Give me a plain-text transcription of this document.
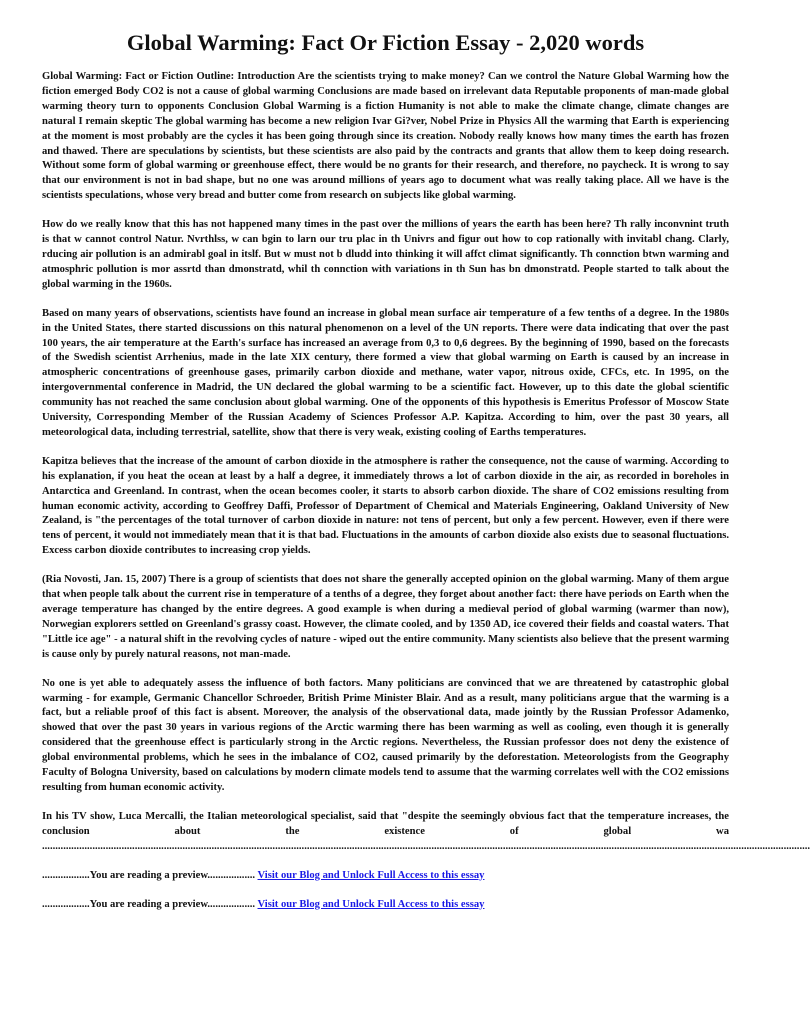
Global Warming: Fact Or Fiction Essay - 2,020 words

Global Warming: Fact or Fiction Outline: Introduction Are the scientists trying to make money? Can we control the Nature Global Warming how the fiction emerged Body CO2 is not a cause of global warming Conclusions are made based on irrelevant data Reputable proponents of man-made global warming theory turn to opponents Conclusion Global Warming is a fiction Humanity is not able to make the climate change, climate changes are natural I remain skeptic The global warming has become a new religion Ivar Gi?ver, Nobel Prize in Physics All the warming that Earth is experiencing at the moment is most probably are the cycles it has been going through since its creation. Nobody really knows how many times the earth has frozen and thawed. There are speculations by scientists, but these scientists are also paid by the contracts and grants that allow them to keep doing research. Without some form of global warming or greenhouse effect, there would be no grants for their research, and therefore, no paycheck. It is wrong to say that our environment is not in bad shape, but no one was around millions of years ago to document what was really taking place. All we have is the scientists speculations, whose very bread and butter come from research on subjects like global warming.

How do we really know that this has not happened many times in the past over the millions of years the earth has been here? Th rally inconvnint truth is that w cannot control Natur. Nvrthlss, w can bgin to larn our tru plac in th Univrs and figur out how to cop rationally with invitabl chang. Clarly, rducing air pollution is an admirabl goal in itslf. But w must not b dludd into thinking it will affct climat significantly. Th connction btwn warming and atmosphric pollution is mor assrtd than dmonstratd, whil th connction with variations in th Sun has bn dmonstratd. People started to talk about the global warming in the 1960s.

Based on many years of observations, scientists have found an increase in global mean surface air temperature of a few tenths of a degree. In the 1980s in the United States, there started discussions on this natural phenomenon on a level of the UN reports. There were data indicating that over the past 100 years, the air temperature at the Earth's surface has increased an average from 0,3 to 0,6 degrees. By the beginning of 1990, based on the forecasts of the Swedish scientist Arrhenius, made in the late XIX century, there formed a view that global warming on Earth is caused by an increase in atmospheric concentrations of greenhouse gases, primarily carbon dioxide and methane, water vapor, nitrous oxide, CFCs, etc. In 1995, on the intergovernmental conference in Madrid, the UN declared the global warming to be a scientific fact. However, up to this date the global scientific community has not reached the same conclusion about global warming. One of the opponents of this hypothesis is Emeritus Professor of Moscow State University, Corresponding Member of the Russian Academy of Sciences Professor A.P. Kapitza. According to him, over the past 30 years, all meteorological data, including terrestrial, satellite, show that there is very weak, existing cooling of Earths temperatures.

Kapitza believes that the increase of the amount of carbon dioxide in the atmosphere is rather the consequence, not the cause of warming. According to his explanation, if you heat the ocean at least by a half a degree, it immediately throws a lot of carbon dioxide in the air, as recorded in boreholes in Antarctica and Greenland. In contrast, when the ocean becomes cooler, it starts to absorb carbon dioxide. The share of CO2 emissions resulting from human economic activity, according to Geoffrey Daffi, Professor of Department of Chemical and Materials Engineering, Oakland University of New Zealand, is "the percentages of the total turnover of carbon dioxide in nature: not tens of percent, but only a few percent. However, even if there were tens of percent, it would not immediately mean that it is that bad. Fluctuations in the amounts of carbon dioxide also exists due to seasonal fluctuations. Excess carbon dioxide contributes to increasing crop yields.

(Ria Novosti, Jan. 15, 2007) There is a group of scientists that does not share the generally accepted opinion on the global warming. Many of them argue that when people talk about the current rise in temperature of a tenths of a degree, they forget about another fact: there have periods on Earth when the average temperature has changed by the entire degrees. A good example is when during a medieval period of global warming (warmer than now), Norwegian explorers settled on Greenland's grassy coast. However, the climate cooled, and by 1350 AD, ice covered their fields and coastal waters. That "Little ice age" - a natural shift in the revolving cycles of nature - wiped out the entire community. Many scientists also believe that the present warming is cause only by purely natural reasons, not man-made.

No one is yet able to adequately assess the influence of both factors. Many politicians are convinced that we are threatened by catastrophic global warming - for example, Germanic Chancellor Schroeder, British Prime Minister Blair. And as a result, many politicians argue that the warming is a fact, but a reliable proof of this fact is absent. Moreover, the analysis of the observational data, made jointly by the Russian Professor Adamenko, showed that over the past 30 years in various regions of the Arctic warming there has been warming as well as cooling, even though it is generally considered that the greenhouse effect is particularly strong in the Arctic regions. Nevertheless, the Russian professor does not deny the existence of global environmental problems, which he sees in the imbalance of CO2, caused primarily by the deforestation. Meteorologists from the Geography Faculty of Bologna University, based on calculations by modern climate models tend to assume that the warming correlates well with the CO2 emissions resulting from human economic activity.

In his TV show, Luca Mercalli, the Italian meteorological specialist, said that "despite the seemingly obvious fact that the temperature increases, the conclusion about the existence of global wa

..................................................................................................................................................................................................................................................................................................
..................You are reading a preview.................. Visit our Blog and Unlock Full Access to this essay
..................You are reading a preview.................. Visit our Blog and Unlock Full Access to this essay
